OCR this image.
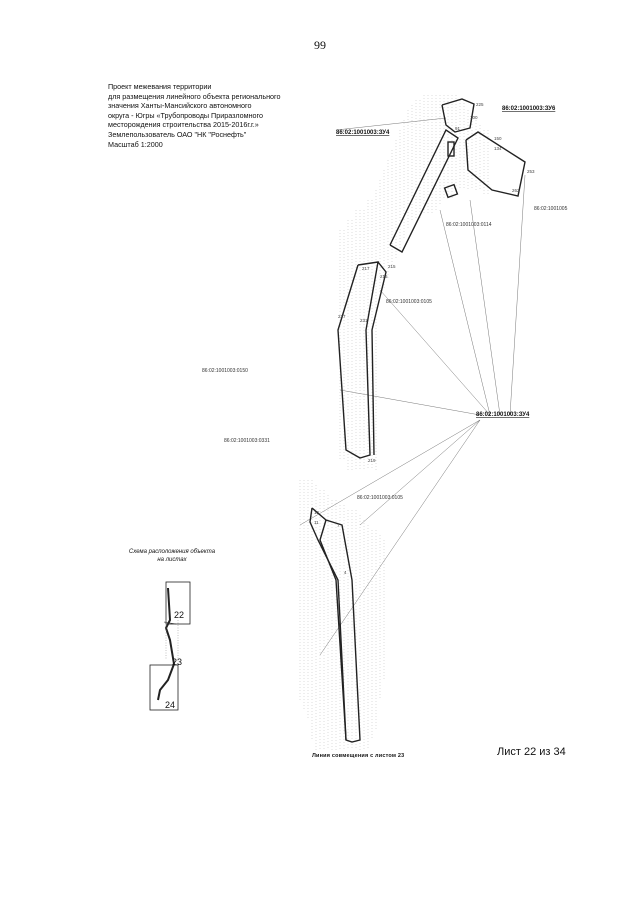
99
Проект межевания территории
для размещения линейного объекта регионального
значения Ханты-Мансийского автономного
округа - Югры «Трубопроводы Приразломного
месторождения строительства 2015-2016г.г.»
Землепользователь ОАО "НК "Роснефть"
Масштаб 1:2000
225
100
91
150
134
253
262
217	215
216
237
231
219
12
11
7
4
86:02:1001003:ЗУ6
86:02:1001003:ЗУ4
86:02:1001003:ЗУ4
86:02:1001005
86:02:1001003:0114
86:02:1001003:0105
86:02:1001003:0150
86:02:1001003:0331
86:02:1001003:0105
22
23
24
Схема расположения объекта
на листах
Линия совмещения с листом 23	Лист 22 из 34
